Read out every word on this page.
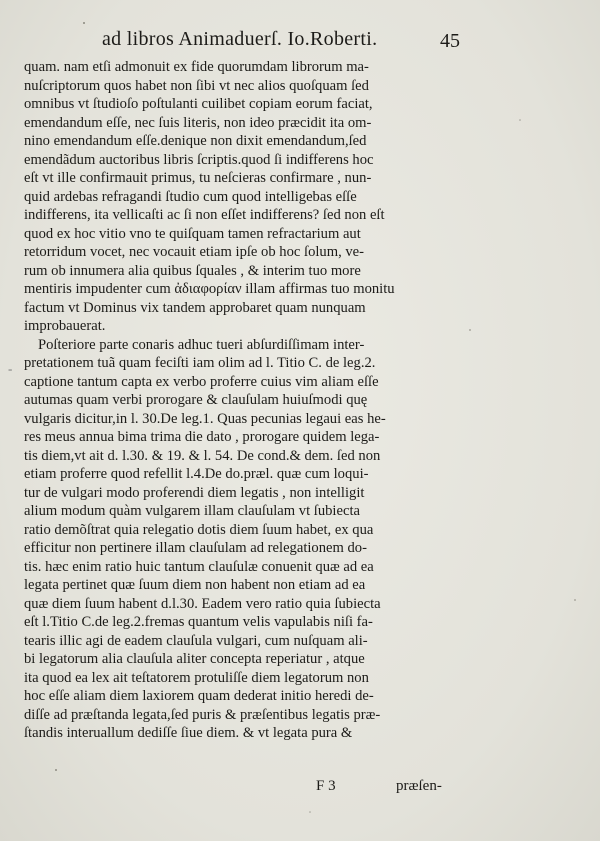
ad libros Animaduerſ. Io.Roberti.	45
-
quam. nam etſi admonuit ex fide quorumdam librorum ma-
nuſcriptorum quos habet non ſibi vt nec alios quoſquam ſed
omnibus vt ſtudioſo poſtulanti cuilibet copiam eorum faciat,
emendandum eſſe, nec ſuis literis, non ideo præcidit ita om-
nino emendandum eſſe.denique non dixit emendandum,ſed
emendãdum auctoribus libris ſcriptis.quod ſi indifferens hoc
eſt vt ille confirmauit primus, tu neſcieras confirmare , nun-
quid ardebas refragandi ſtudio cum quod intelligebas eſſe
indifferens, ita vellicaſti ac ſi non eſſet indifferens? ſed non eſt
quod ex hoc vitio vno te quiſquam tamen refractarium aut
retorridum vocet, nec vocauit etiam ipſe ob hoc ſolum, ve-
rum ob innumera alia quibus ſquales , & interim tuo more
mentiris impudenter cum ἀδιαφορίαν illam affirmas tuo monitu
factum vt Dominus vix tandem approbaret quam nunquam
improbauerat.
Poſteriore parte conaris adhuc tueri abſurdiſſimam inter-
pretationem tuã quam feciſti iam olim ad l. Titio C. de leg.2.
captione tantum capta ex verbo proferre cuius vim aliam eſſe
autumas quam verbi prorogare & clauſulam huiuſmodi quę
vulgaris dicitur,in l. 30.De leg.1. Quas pecunias legaui eas he-
res meus annua bima trima die dato , prorogare quidem lega-
tis diem,vt ait d. l.30. & 19. & l. 54. De cond.& dem. ſed non
etiam proferre quod refellit l.4.De do.præl. quæ cum loqui-
tur de vulgari modo proferendi diem legatis , non intelligit
alium modum quàm vulgarem illam clauſulam vt ſubiecta
ratio demõſtrat quia relegatio dotis diem ſuum habet, ex qua
efficitur non pertinere illam clauſulam ad relegationem do-
tis. hæc enim ratio huic tantum clauſulæ conuenit quæ ad ea
legata pertinet quæ ſuum diem non habent non etiam ad ea
quæ diem ſuum habent d.l.30. Eadem vero ratio quia ſubiecta
eſt l.Titio C.de leg.2.fremas quantum velis vapulabis niſi fa-
tearis illic agi de eadem clauſula vulgari, cum nuſquam ali-
bi legatorum alia clauſula aliter concepta reperiatur , atque
ita quod ea lex ait teſtatorem protuliſſe diem legatorum non
hoc eſſe aliam diem laxiorem quam dederat initio heredi de-
diſſe ad præſtanda legata,ſed puris & præſentibus legatis præ-
ſtandis interuallum dediſſe ſiue diem. & vt legata pura &
F 3	præſen-
